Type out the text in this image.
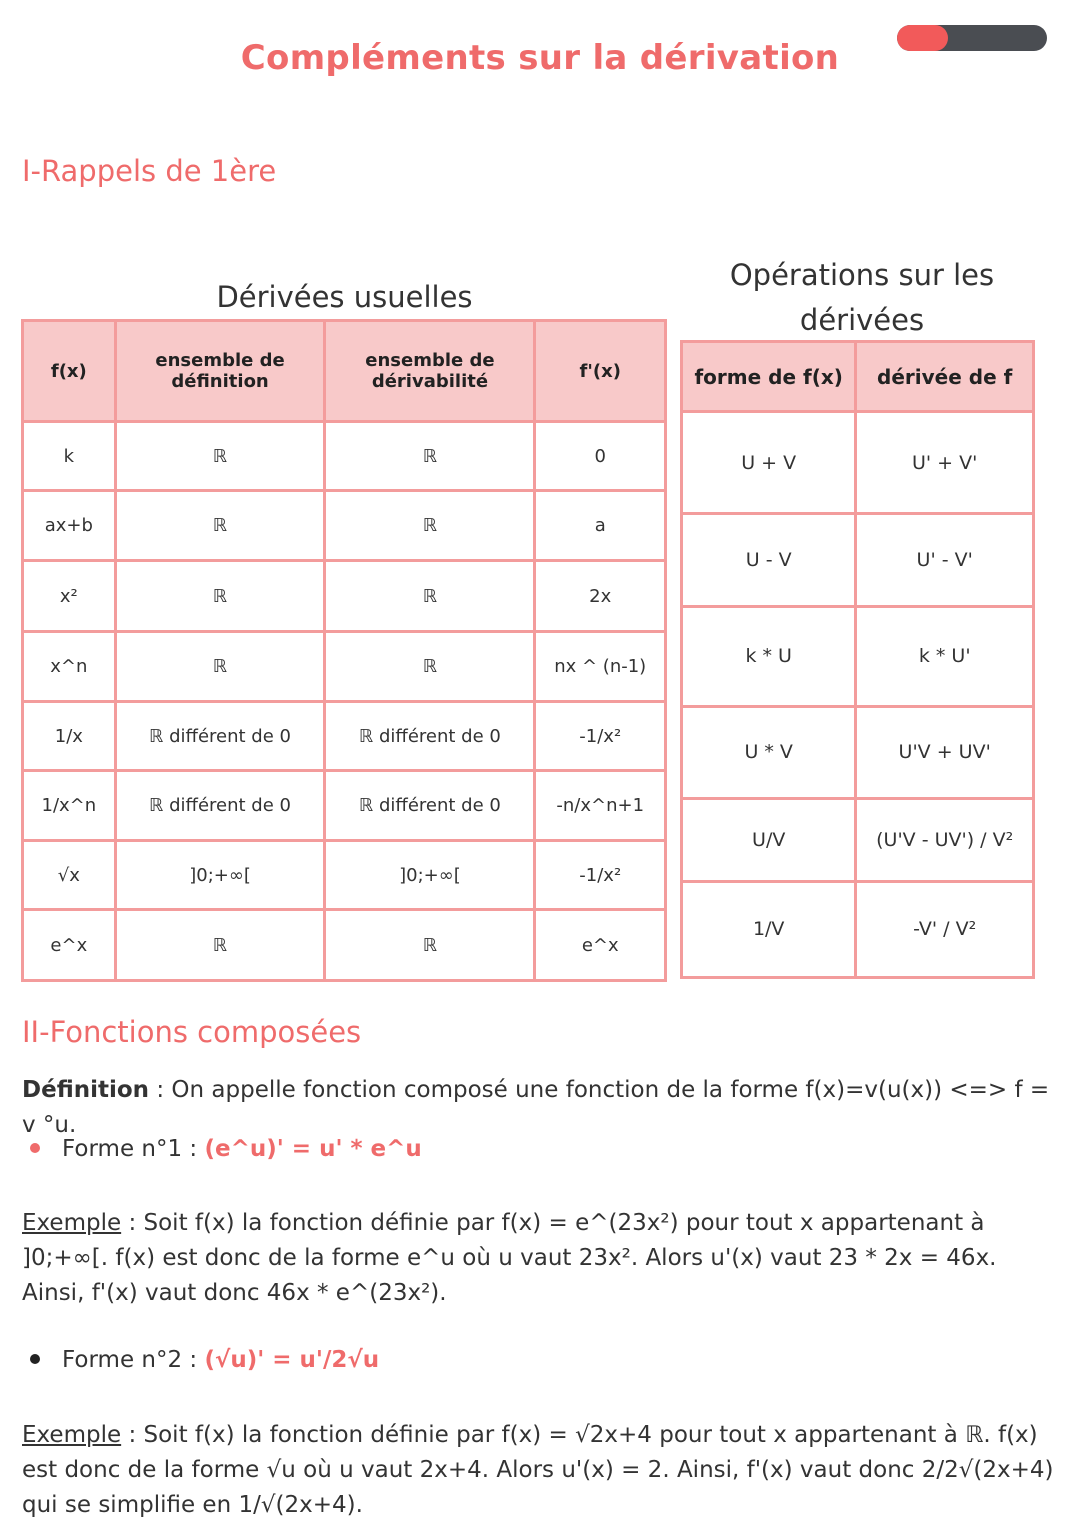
Compléments sur la dérivation
I-Rappels de 1ère
Dérivées usuelles
f(x)	ensemble de définition	ensemble de dérivabilité	f'(x)
k	ℝ	ℝ	0
ax+b	ℝ	ℝ	a
x²	ℝ	ℝ	2x
x^n	ℝ	ℝ	nx ^ (n-1)
1/x	ℝ différent de 0	ℝ différent de 0	-1/x²
1/x^n	ℝ différent de 0	ℝ différent de 0	-n/x^n+1
√x	]0;+∞[	]0;+∞[	-1/x²
e^x	ℝ	ℝ	e^x
Opérations sur les
dérivées
forme de f(x)	dérivée de f
U + V	U' + V'
U - V	U' - V'
k * U	k * U'
U * V	U'V + UV'
U/V	(U'V - UV') / V²
1/V	-V' / V²
II-Fonctions composées
Définition : On appelle fonction composé une fonction de la forme f(x)=v(u(x)) <=> f = v °u.
Forme n°1 : (e^u)' = u' * e^u
Exemple : Soit f(x) la fonction définie par f(x) = e^(23x²) pour tout x appartenant à ]0;+∞[. f(x) est donc de la forme e^u où u vaut 23x². Alors u'(x) vaut 23 * 2x = 46x. Ainsi, f'(x) vaut donc 46x * e^(23x²).
Forme n°2 : (√u)' = u'/2√u
Exemple : Soit f(x) la fonction définie par f(x) = √2x+4 pour tout x appartenant à ℝ. f(x) est donc de la forme √u où u vaut 2x+4. Alors u'(x) = 2. Ainsi, f'(x) vaut donc 2/2√(2x+4) qui se simplifie en 1/√(2x+4).
